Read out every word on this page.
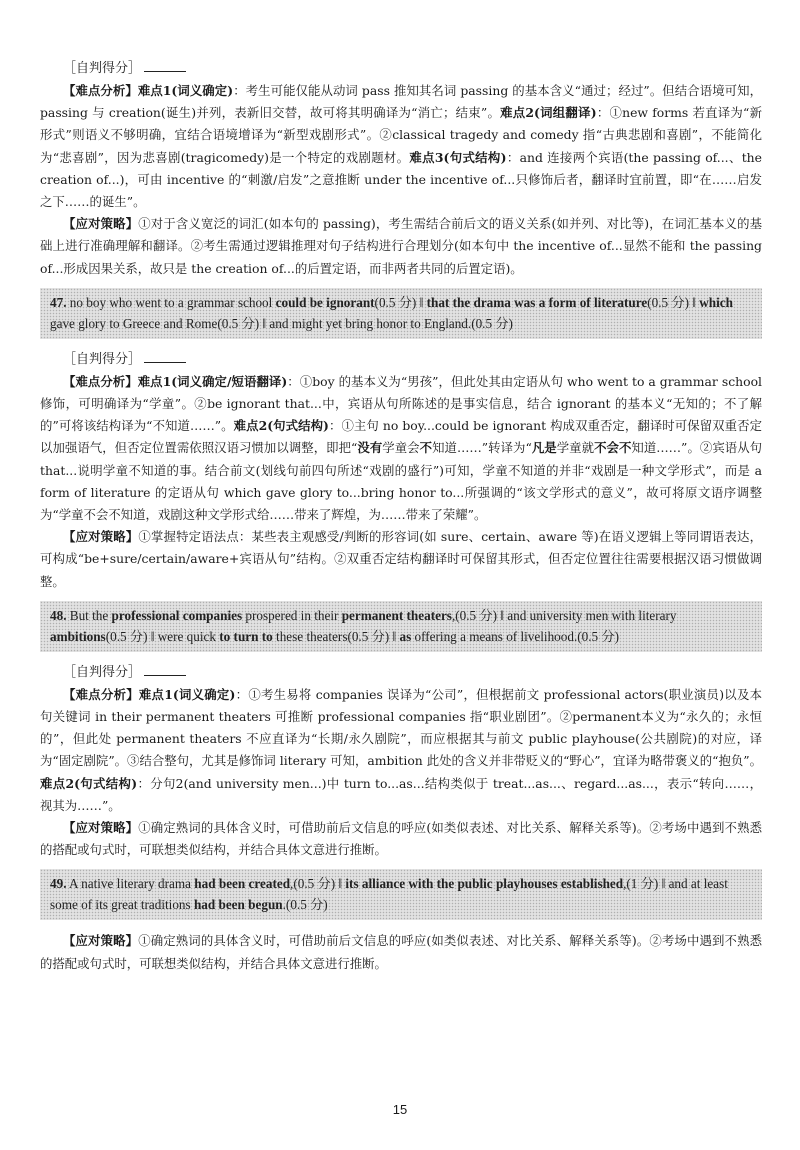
［自判得分］

【难点分析】难点1(词义确定)：考生可能仅能从动词 pass 推知其名词 passing 的基本含义“通过；经过”。但结合语境可知，passing 与 creation(诞生)并列，表新旧交替，故可将其明确译为“消亡；结束”。难点2(词组翻译)：①new forms 若直译为“新形式”则语义不够明确，宜结合语境增译为“新型戏剧形式”。②classical tragedy and comedy 指“古典悲剧和喜剧”，不能简化为“悲喜剧”，因为悲喜剧(tragicomedy)是一个特定的戏剧题材。难点3(句式结构)：and 连接两个宾语(the passing of...、the creation of...)，可由 incentive 的“刺激/启发”之意推断 under the incentive of...只修饰后者，翻译时宜前置，即“在……启发之下……的诞生”。

【应对策略】①对于含义宽泛的词汇(如本句的 passing)，考生需结合前后文的语义关系(如并列、对比等)，在词汇基本义的基础上进行准确理解和翻译。②考生需通过逻辑推理对句子结构进行合理划分(如本句中 the incentive of...显然不能和 the passing of...形成因果关系，故只是 the creation of...的后置定语，而非两者共同的后置定语)。

47. no boy who went to a grammar school could be ignorant(0.5 分) ‖ that the drama was a form of literature(0.5 分) ‖ which gave glory to Greece and Rome(0.5 分) ‖ and might yet bring honor to England.(0.5 分)
［自判得分］

【难点分析】难点1(词义确定/短语翻译)：①boy 的基本义为“男孩”，但此处其由定语从句 who went to a grammar school 修饰，可明确译为“学童”。②be ignorant that...中，宾语从句所陈述的是事实信息，结合 ignorant 的基本义“无知的；不了解的”可将该结构译为“不知道……”。难点2(句式结构)：①主句 no boy...could be ignorant 构成双重否定，翻译时可保留双重否定以加强语气，但否定位置需依照汉语习惯加以调整，即把“没有学童会不知道……”转译为“凡是学童就不会不知道……”。②宾语从句 that...说明学童不知道的事。结合前文(划线句前四句所述“戏剧的盛行”)可知，学童不知道的并非“戏剧是一种文学形式”，而是 a form of literature 的定语从句 which gave glory to...bring honor to...所强调的“该文学形式的意义”，故可将原文语序调整为“学童不会不知道，戏剧这种文学形式给……带来了辉煌，为……带来了荣耀”。

【应对策略】①掌握特定语法点：某些表主观感受/判断的形容词(如 sure、certain、aware 等)在语义逻辑上等同谓语表达，可构成“be+sure/certain/aware+宾语从句”结构。②双重否定结构翻译时可保留其形式，但否定位置往往需要根据汉语习惯做调整。

48. But the professional companies prospered in their permanent theaters,(0.5 分) ‖ and university men with literary ambitions(0.5 分) ‖ were quick to turn to these theaters(0.5 分) ‖ as offering a means of livelihood.(0.5 分)
［自判得分］

【难点分析】难点1(词义确定)：①考生易将 companies 误译为“公司”，但根据前文 professional actors(职业演员)以及本句关键词 in their permanent theaters 可推断 professional companies 指“职业剧团”。②permanent本义为“永久的；永恒的”，但此处 permanent theaters 不应直译为“长期/永久剧院”，而应根据其与前文 public playhouse(公共剧院)的对应，译为“固定剧院”。③结合整句，尤其是修饰词 literary 可知，ambition 此处的含义并非带贬义的“野心”，宜译为略带褒义的“抱负”。难点2(句式结构)：分句2(and university men...)中 turn to...as...结构类似于 treat...as...、regard...as...，表示“转向……，视其为……”。

【应对策略】①确定熟词的具体含义时，可借助前后文信息的呼应(如类似表述、对比关系、解释关系等)。②考场中遇到不熟悉的搭配或句式时，可联想类似结构，并结合具体文意进行推断。

49. A native literary drama had been created,(0.5 分) ‖ its alliance with the public playhouses established,(1 分) ‖ and at least some of its great traditions had been begun.(0.5 分)

【应对策略】①确定熟词的具体含义时，可借助前后文信息的呼应(如类似表述、对比关系、解释关系等)。②考场中遇到不熟悉的搭配或句式时，可联想类似结构，并结合具体文意进行推断。

15
